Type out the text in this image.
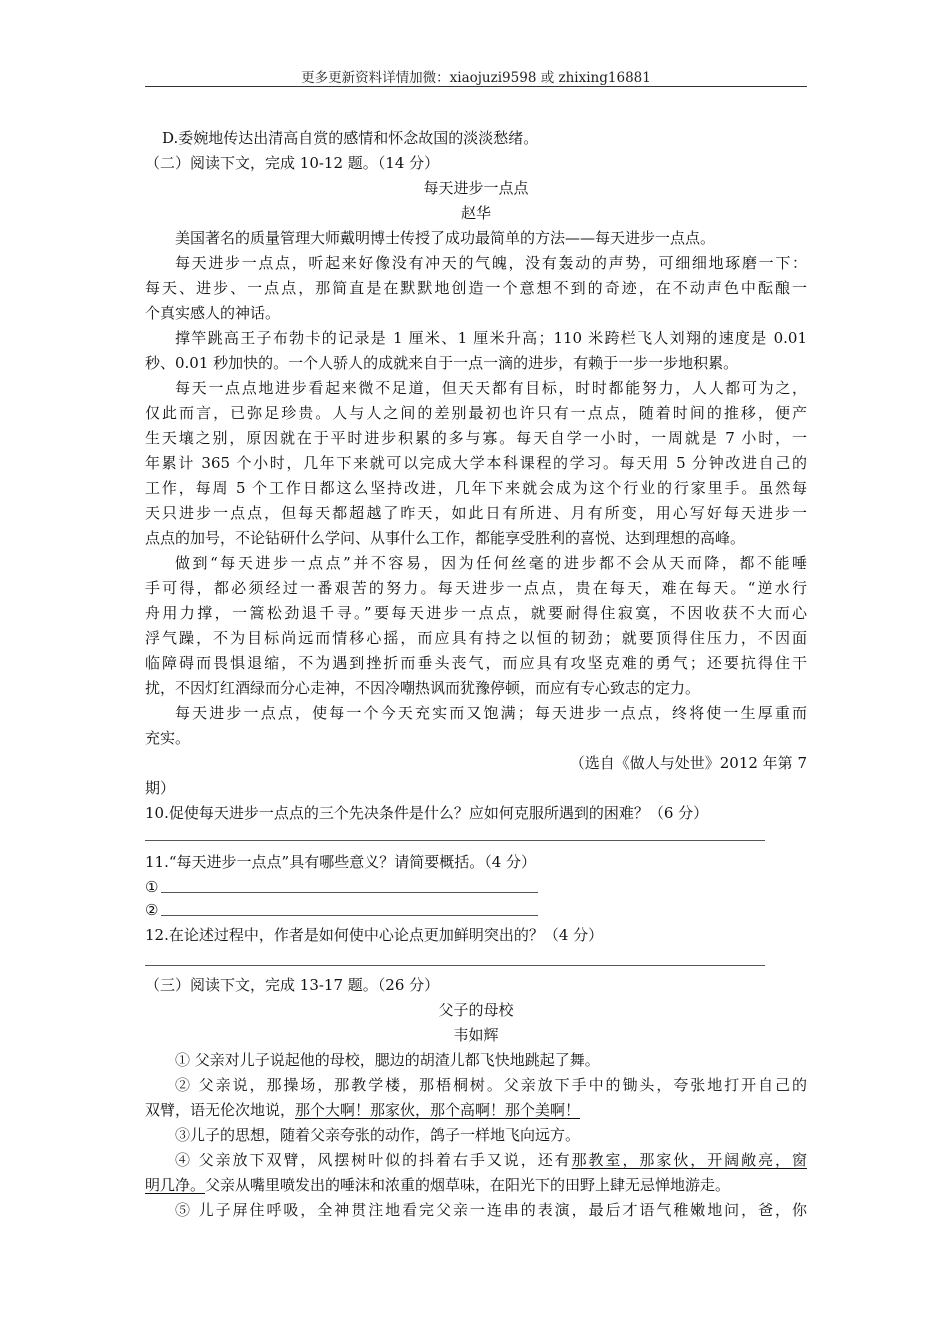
更多更新资料详情加微：xiaojuzi9598 或 zhixing16881
D.委婉地传达出清高自赏的感情和怀念故国的淡淡愁绪。
（二）阅读下文，完成 10-12 题。（14 分）
每天进步一点点
赵华
美国著名的质量管理大师戴明博士传授了成功最简单的方法——每天进步一点点。
每天进步一点点，听起来好像没有冲天的气魄，没有轰动的声势，可细细地琢磨一下：
每天、进步、一点点，那简直是在默默地创造一个意想不到的奇迹，在不动声色中酝酿一
个真实感人的神话。
撑竿跳高王子布勃卡的记录是 1 厘米、1 厘米升高；110 米跨栏飞人刘翔的速度是 0.01
秒、0.01 秒加快的。一个人骄人的成就来自于一点一滴的进步，有赖于一步一步地积累。
每天一点点地进步看起来微不足道，但天天都有目标，时时都能努力，人人都可为之，
仅此而言，已弥足珍贵。人与人之间的差别最初也许只有一点点，随着时间的推移，便产
生天壤之别，原因就在于平时进步积累的多与寡。每天自学一小时，一周就是 7 小时，一
年累计 365 个小时，几年下来就可以完成大学本科课程的学习。每天用 5 分钟改进自己的
工作，每周 5 个工作日都这么坚持改进，几年下来就会成为这个行业的行家里手。虽然每
天只进步一点点，但每天都超越了昨天，如此日有所进、月有所变，用心写好每天进步一
点点的加号，不论钻研什么学问、从事什么工作，都能享受胜利的喜悦、达到理想的高峰。
做到“每天进步一点点”并不容易，因为任何丝毫的进步都不会从天而降，都不能唾
手可得，都必须经过一番艰苦的努力。每天进步一点点，贵在每天，难在每天。“逆水行
舟用力撑，一篙松劲退千寻。”要每天进步一点点，就要耐得住寂寞，不因收获不大而心
浮气躁，不为目标尚远而情移心摇，而应具有持之以恒的韧劲；就要顶得住压力，不因面
临障碍而畏惧退缩，不为遇到挫折而垂头丧气，而应具有攻坚克难的勇气；还要抗得住干
扰，不因灯红酒绿而分心走神，不因冷嘲热讽而犹豫停顿，而应有专心致志的定力。
每天进步一点点，使每一个今天充实而又饱满；每天进步一点点，终将使一生厚重而
充实。
（选自《做人与处世》2012 年第 7
期）
10.促使每天进步一点点的三个先决条件是什么？应如何克服所遇到的困难？（6 分）
11.“每天进步一点点”具有哪些意义？请简要概括。（4 分）
①
②
12.在论述过程中，作者是如何使中心论点更加鲜明突出的？（4 分）
（三）阅读下文，完成 13-17 题。（26 分）
父子的母校
韦如辉
① 父亲对儿子说起他的母校，腮边的胡渣儿都飞快地跳起了舞。
② 父亲说，那操场，那教学楼，那梧桐树。父亲放下手中的锄头，夸张地打开自己的
双臂，语无伦次地说，那个大啊！那家伙，那个高啊！那个美啊！
③儿子的思想，随着父亲夸张的动作，鸽子一样地飞向远方。
④ 父亲放下双臂，风摆树叶似的抖着右手又说，还有那教室，那家伙，开阔敞亮，窗
明几净。父亲从嘴里喷发出的唾沫和浓重的烟草味，在阳光下的田野上肆无忌惮地游走。
⑤ 儿子屏住呼吸，全神贯注地看完父亲一连串的表演，最后才语气稚嫩地问，爸，你
